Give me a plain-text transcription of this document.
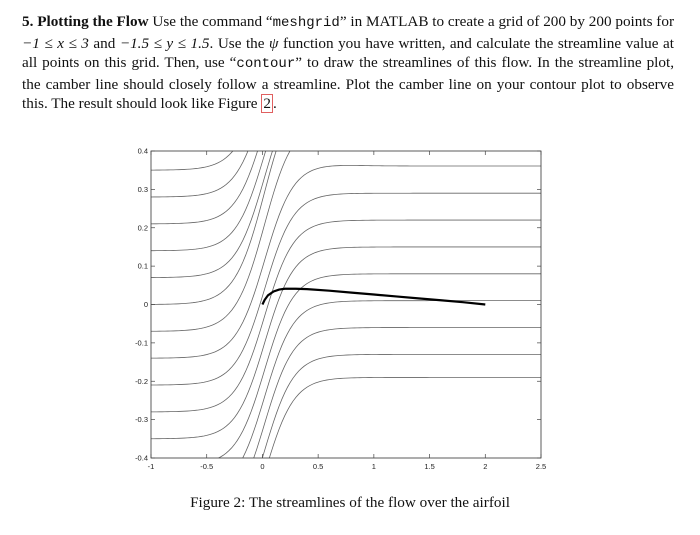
5. Plotting the Flow Use the command “meshgrid” in MATLAB to create a grid of 200 by 200 points for −1 ≤ x ≤ 3 and −1.5 ≤ y ≤ 1.5. Use the ψ function you have written, and calculate the streamline value at all points on this grid. Then, use “contour” to draw the streamlines of this flow. In the streamline plot, the camber line should closely follow a streamline. Plot the camber line on your contour plot to observe this. The result should look like Figure 2 .
-1	-0.5	0	0.5	1	1.5	2	2.5
0.4
0.3
0.2
0.1
0
-0.1
-0.2
-0.3
-0.4
Figure 2: The streamlines of the flow over the airfoil
